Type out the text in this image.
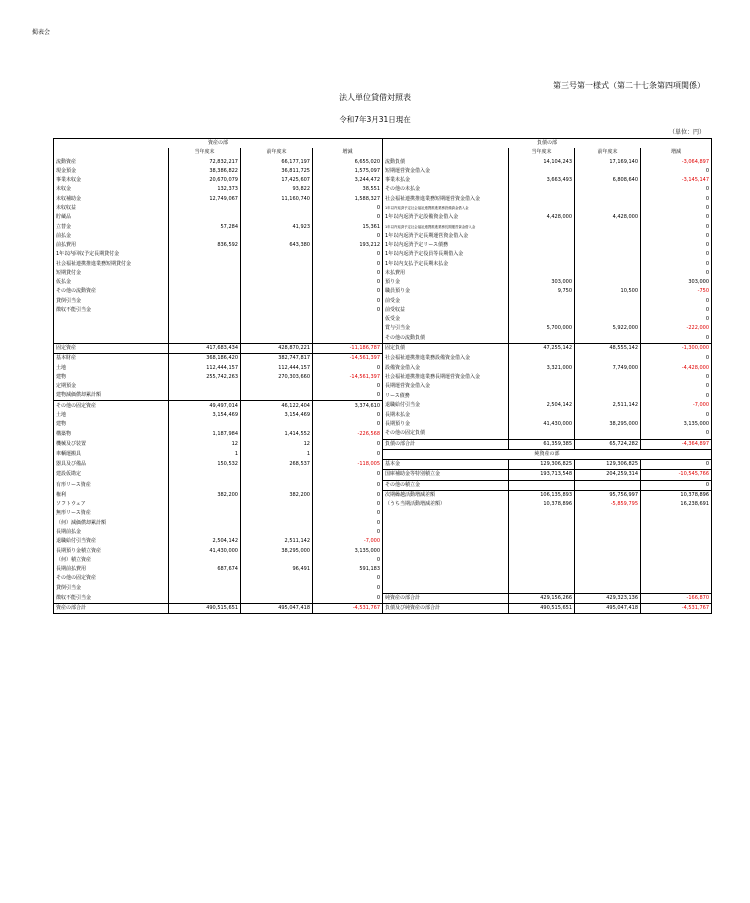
掲表会
第三号第一様式（第二十七条第四項関係）
法人単位貸借対照表
令和7年3月31日現在
（単位：円）
資産の部				負債の部			
	当年度末	前年度末	増減		当年度末	前年度末	増減
流動資産	72,832,217	66,177,197	6,655,020	流動負債	14,104,243	17,169,140	-3,064,897
現金預金	38,386,822	36,811,725	1,575,097	短期運営資金借入金			0
事業未収金	20,670,079	17,425,607	3,244,472	事業未払金	3,663,493	6,808,640	-3,145,147
未収金	132,373	93,822	38,551	その他の未払金			0
未収補助金	12,749,067	11,160,740	1,588,327	社会福祉連携推進業務短期運営資金借入金			0
未収収益			0	1年以内返済予定社会福祉連携推進業務設備資金借入金			0
貯蔵品			0	1年以内返済予定設備資金借入金	4,428,000	4,428,000	0
立替金	57,284	41,923	15,361	1年以内返済予定社会福祉連携推進業務長期運営資金借入金			0
前払金			0	1年以内返済予定長期運営資金借入金			0
前払費用	836,592	643,380	193,212	1年以内返済予定リース債務			0
1年以内回収予定長期貸付金			0	1年以内返済予定役員等長期借入金			0
社会福祉連携推進業務短期貸付金			0	1年以内支払予定長期未払金			0
短期貸付金			0	未払費用			0
仮払金			0	預り金	303,000		303,000
その他の流動資産			0	職員預り金	9,750	10,500	-750
貸倒引当金			0	前受金			0
徴収不能引当金			0	前受収益			0
				仮受金			0
				賞与引当金	5,700,000	5,922,000	-222,000
				その他の流動負債			0
固定資産	417,683,434	428,870,221	-11,186,787	固定負債	47,255,142	48,555,142	-1,300,000
基本財産	368,186,420	382,747,817	-14,561,397	社会福祉連携推進業務設備資金借入金			0
土地	112,444,157	112,444,157	0	設備資金借入金	3,321,000	7,749,000	-4,428,000
建物	255,742,263	270,303,660	-14,561,397	社会福祉連携推進業務長期運営資金借入金			0
定期預金			0	長期運営資金借入金			0
建物減価償却累計額			0	リース債務			0
その他の固定資産	49,497,014	46,122,404	3,374,610	退職給付引当金	2,504,142	2,511,142	-7,000
土地	3,154,469	3,154,469	0	長期未払金			0
建物			0	長期預り金	41,430,000	38,295,000	3,135,000
構築物	1,187,984	1,414,552	-226,568	その他の固定負債			0
機械及び装置	12	12	0	負債の部合計	61,359,385	65,724,282	-4,364,897
車輌運搬具	1	1	0	純資産の部			
器具及び備品	150,532	268,537	-118,005	基本金	129,306,825	129,306,825	0
建設仮勘定			0	国庫補助金等特別積立金	193,713,548	204,259,314	-10,545,766
有形リース資産			0	その他の積立金			0
権利	382,200	382,200	0	次期繰越活動増減差額	106,135,893	95,756,997	10,378,896
ソフトウェア			0	（うち当期活動増減差額）	10,378,896	-5,859,795	16,238,691
無形リース資産			0				
（何）減価償却累計額			0				
長期前払金			0				
退職給付引当資産	2,504,142	2,511,142	-7,000				
長期預り金積立資産	41,430,000	38,295,000	3,135,000				
（何）積立資産			0				
長期前払費用	687,674	96,491	591,183				
その他の固定資産			0				
貸倒引当金			0				
徴収不能引当金			0	純資産の部合計	429,156,266	429,323,136	-166,870
資産の部合計	490,515,651	495,047,418	-4,531,767	負債及び純資産の部合計	490,515,651	495,047,418	-4,531,767
